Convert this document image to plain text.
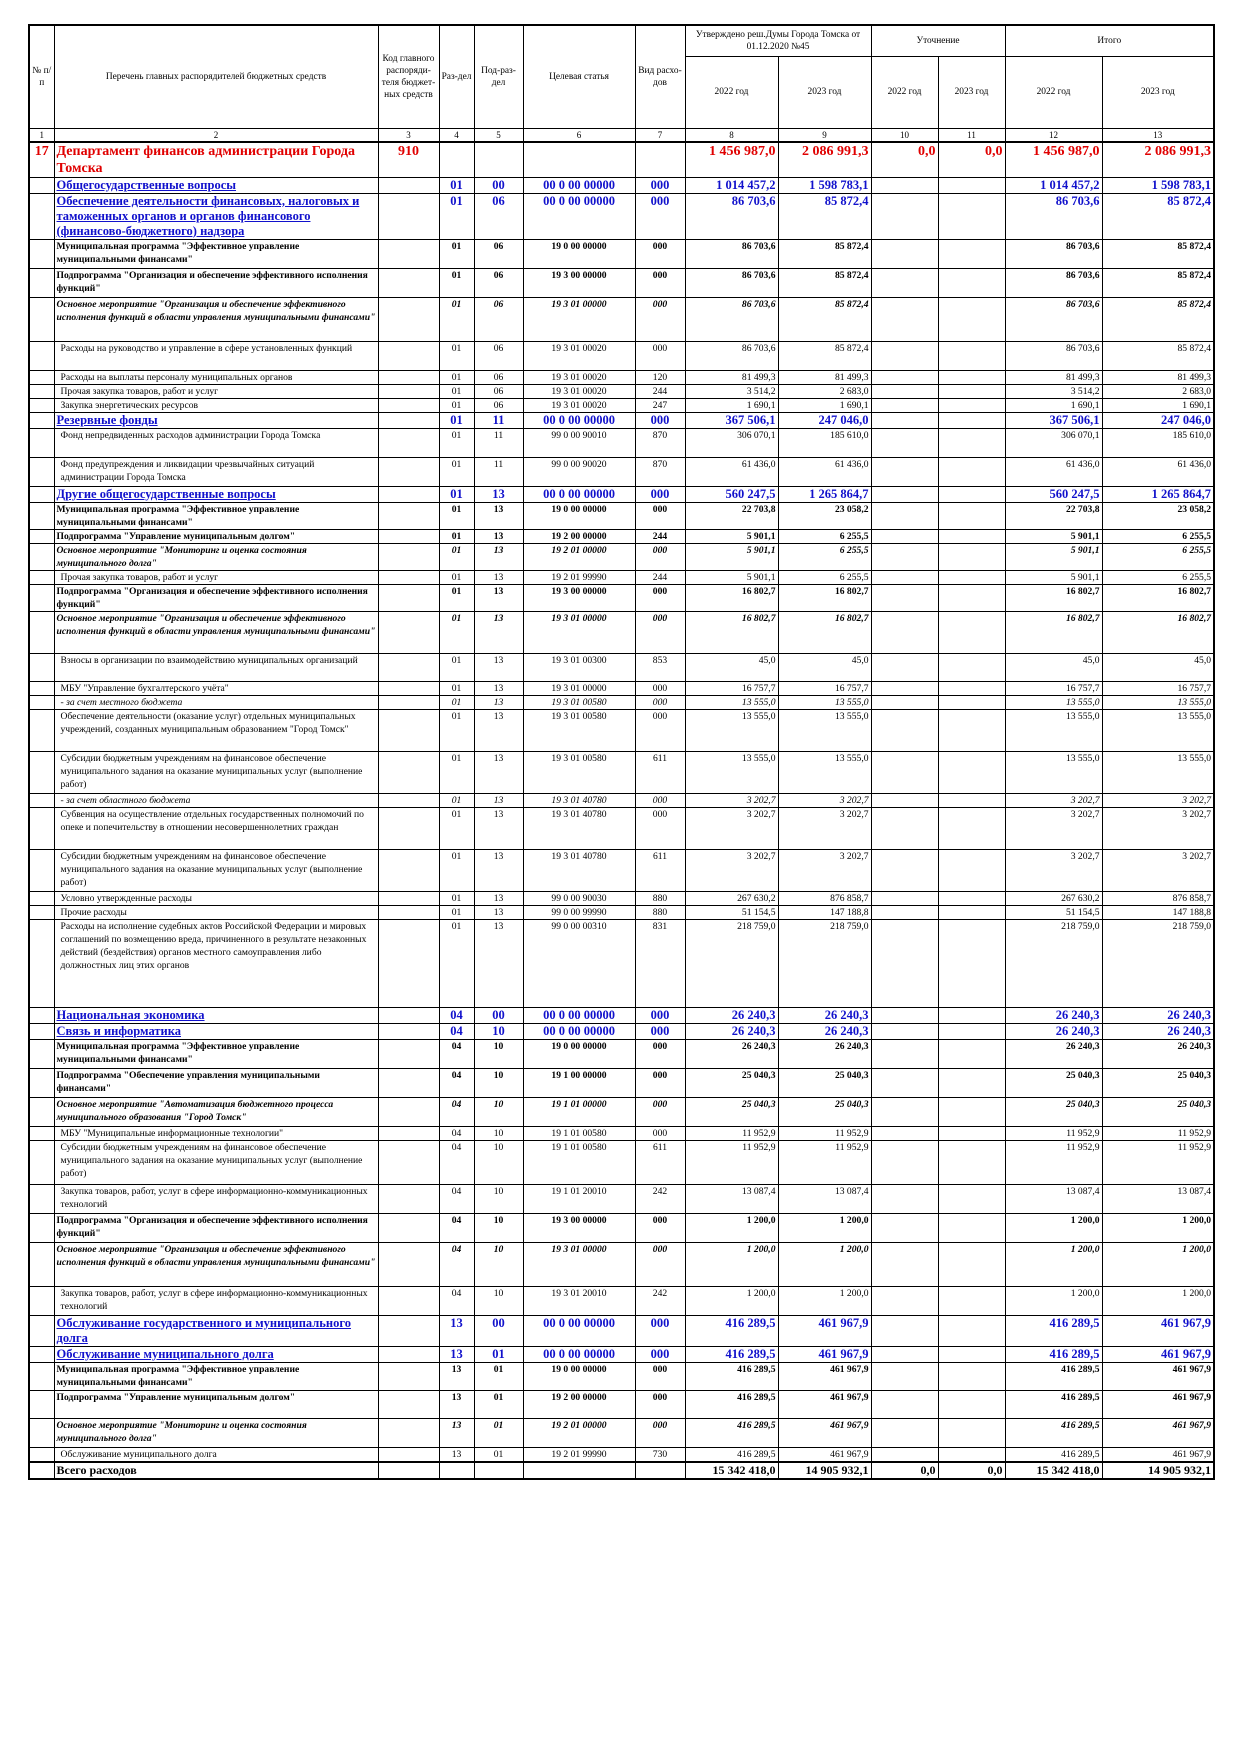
№ п/п	Перечень главных распорядителей бюджетных средств	Код главного распоряди-теля бюджет-ных средств	Раз-дел	Под-раз-дел	Целевая статья	Вид расхо-дов	Утверждено реш.Думы Города Томска от 01.12.2020 №45		Уточнение		Итого	
							2022 год	2023 год	2022 год	2023 год	2022 год	2023 год
1	2	3	4	5	6	7	8	9	10	11	12	13
17	Департамент финансов администрации Города Томска	910					1 456 987,0	2 086 991,3	0,0	0,0	1 456 987,0	2 086 991,3
	Общегосударственные вопросы		01	00	00 0 00 00000	000	1 014 457,2	1 598 783,1			1 014 457,2	1 598 783,1
	Обеспечение деятельности финансовых, налоговых и таможенных органов и органов финансового (финансово-бюджетного) надзора		01	06	00 0 00 00000	000	86 703,6	85 872,4			86 703,6	85 872,4
	Муниципальная программа "Эффективное управление муниципальными финансами"		01	06	19 0 00 00000	000	86 703,6	85 872,4			86 703,6	85 872,4
	Подпрограмма "Организация и обеспечение эффективного исполнения функций"		01	06	19 3 00 00000	000	86 703,6	85 872,4			86 703,6	85 872,4
	Основное мероприятие "Организация и обеспечение эффективного исполнения функций в области управления муниципальными финансами"		01	06	19 3 01 00000	000	86 703,6	85 872,4			86 703,6	85 872,4
	Расходы на руководство и управление в сфере установленных функций		01	06	19 3 01 00020	000	86 703,6	85 872,4			86 703,6	85 872,4
	Расходы на выплаты персоналу муниципальных органов		01	06	19 3 01 00020	120	81 499,3	81 499,3			81 499,3	81 499,3
	Прочая закупка товаров, работ и услуг		01	06	19 3 01 00020	244	3 514,2	2 683,0			3 514,2	2 683,0
	Закупка энергетических ресурсов		01	06	19 3 01 00020	247	1 690,1	1 690,1			1 690,1	1 690,1
	Резервные фонды		01	11	00 0 00 00000	000	367 506,1	247 046,0			367 506,1	247 046,0
	Фонд непредвиденных расходов администрации Города Томска		01	11	99 0 00 90010	870	306 070,1	185 610,0			306 070,1	185 610,0
	Фонд предупреждения и ликвидации чрезвычайных ситуаций администрации Города Томска		01	11	99 0 00 90020	870	61 436,0	61 436,0			61 436,0	61 436,0
	Другие общегосударственные вопросы		01	13	00 0 00 00000	000	560 247,5	1 265 864,7			560 247,5	1 265 864,7
	Муниципальная программа "Эффективное управление муниципальными финансами"		01	13	19 0 00 00000	000	22 703,8	23 058,2			22 703,8	23 058,2
	Подпрограмма "Управление муниципальным долгом"		01	13	19 2 00 00000	244	5 901,1	6 255,5			5 901,1	6 255,5
	Основное мероприятие "Мониторинг и оценка состояния муниципального долга"		01	13	19 2 01 00000	000	5 901,1	6 255,5			5 901,1	6 255,5
	Прочая закупка товаров, работ и услуг		01	13	19 2 01 99990	244	5 901,1	6 255,5			5 901,1	6 255,5
	Подпрограмма "Организация и обеспечение эффективного исполнения функций"		01	13	19 3 00 00000	000	16 802,7	16 802,7			16 802,7	16 802,7
	Основное мероприятие "Организация и обеспечение эффективного исполнения функций в области управления муниципальными финансами"		01	13	19 3 01 00000	000	16 802,7	16 802,7			16 802,7	16 802,7
	Взносы в организации по взаимодействию муниципальных организаций		01	13	19 3 01 00300	853	45,0	45,0			45,0	45,0
	МБУ "Управление бухгалтерского учёта"		01	13	19 3 01 00000	000	16 757,7	16 757,7			16 757,7	16 757,7
	- за счет местного бюджета		01	13	19 3 01 00580	000	13 555,0	13 555,0			13 555,0	13 555,0
	Обеспечение деятельности (оказание услуг) отдельных муниципальных учреждений, созданных муниципальным образованием "Город Томск"		01	13	19 3 01 00580	000	13 555,0	13 555,0			13 555,0	13 555,0
	Субсидии бюджетным учреждениям на финансовое обеспечение муниципального задания на оказание муниципальных услуг (выполнение работ)		01	13	19 3 01 00580	611	13 555,0	13 555,0			13 555,0	13 555,0
	- за счет областного бюджета		01	13	19 3 01 40780	000	3 202,7	3 202,7			3 202,7	3 202,7
	Субвенция на осуществление отдельных государственных полномочий по опеке и попечительству в отношении несовершеннолетних граждан		01	13	19 3 01 40780	000	3 202,7	3 202,7			3 202,7	3 202,7
	Субсидии бюджетным учреждениям на финансовое обеспечение муниципального задания на оказание муниципальных услуг (выполнение работ)		01	13	19 3 01 40780	611	3 202,7	3 202,7			3 202,7	3 202,7
	Условно утвержденные расходы		01	13	99 0 00 90030	880	267 630,2	876 858,7			267 630,2	876 858,7
	Прочие расходы		01	13	99 0 00 99990	880	51 154,5	147 188,8			51 154,5	147 188,8
	Расходы на исполнение судебных актов Российской Федерации и мировых соглашений по возмещению вреда, причиненного в результате незаконных действий (бездействия) органов местного самоуправления либо должностных лиц этих органов		01	13	99 0 00 00310	831	218 759,0	218 759,0			218 759,0	218 759,0
	Национальная экономика		04	00	00 0 00 00000	000	26 240,3	26 240,3			26 240,3	26 240,3
	Связь и информатика		04	10	00 0 00 00000	000	26 240,3	26 240,3			26 240,3	26 240,3
	Муниципальная программа "Эффективное управление муниципальными финансами"		04	10	19 0 00 00000	000	26 240,3	26 240,3			26 240,3	26 240,3
	Подпрограмма "Обеспечение управления муниципальными финансами"		04	10	19 1 00 00000	000	25 040,3	25 040,3			25 040,3	25 040,3
	Основное мероприятие "Автоматизация бюджетного процесса муниципального образования "Город Томск"		04	10	19 1 01 00000	000	25 040,3	25 040,3			25 040,3	25 040,3
	МБУ "Муниципальные информационные технологии"		04	10	19 1 01 00580	000	11 952,9	11 952,9			11 952,9	11 952,9
	Субсидии бюджетным учреждениям на финансовое обеспечение муниципального задания на оказание муниципальных услуг (выполнение работ)		04	10	19 1 01 00580	611	11 952,9	11 952,9			11 952,9	11 952,9
	Закупка товаров, работ, услуг в сфере информационно-коммуникационных технологий		04	10	19 1 01 20010	242	13 087,4	13 087,4			13 087,4	13 087,4
	Подпрограмма "Организация и обеспечение эффективного исполнения функций"		04	10	19 3 00 00000	000	1 200,0	1 200,0			1 200,0	1 200,0
	Основное мероприятие "Организация и обеспечение эффективного исполнения функций в области управления муниципальными финансами"		04	10	19 3 01 00000	000	1 200,0	1 200,0			1 200,0	1 200,0
	Закупка товаров, работ, услуг в сфере информационно-коммуникационных технологий		04	10	19 3 01 20010	242	1 200,0	1 200,0			1 200,0	1 200,0
	Обслуживание государственного и муниципального долга		13	00	00 0 00 00000	000	416 289,5	461 967,9			416 289,5	461 967,9
	Обслуживание муниципального долга		13	01	00 0 00 00000	000	416 289,5	461 967,9			416 289,5	461 967,9
	Муниципальная программа "Эффективное управление муниципальными финансами"		13	01	19 0 00 00000	000	416 289,5	461 967,9			416 289,5	461 967,9
	Подпрограмма "Управление муниципальным долгом"		13	01	19 2 00 00000	000	416 289,5	461 967,9			416 289,5	461 967,9
	Основное мероприятие "Мониторинг и оценка состояния муниципального долга"		13	01	19 2 01 00000	000	416 289,5	461 967,9			416 289,5	461 967,9
	Обслуживание муниципального долга		13	01	19 2 01 99990	730	416 289,5	461 967,9			416 289,5	461 967,9
	Всего расходов						15 342 418,0	14 905 932,1	0,0	0,0	15 342 418,0	14 905 932,1
